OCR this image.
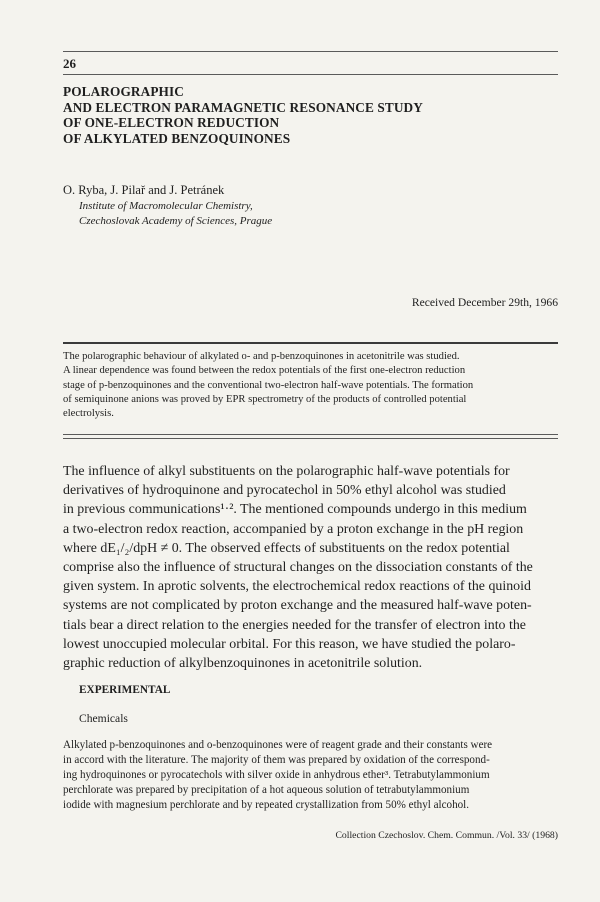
26
POLAROGRAPHIC
AND ELECTRON PARAMAGNETIC RESONANCE STUDY
OF ONE-ELECTRON REDUCTION
OF ALKYLATED BENZOQUINONES
O. Ryba, J. Pilař and J. Petránek
Institute of Macromolecular Chemistry,
Czechoslovak Academy of Sciences, Prague
Received December 29th, 1966
The polarographic behaviour of alkylated o- and p-benzoquinones in acetonitrile was studied.
A linear dependence was found between the redox potentials of the first one-electron reduction
stage of p-benzoquinones and the conventional two-electron half-wave potentials. The formation
of semiquinone anions was proved by EPR spectrometry of the products of controlled potential
electrolysis.
The influence of alkyl substituents on the polarographic half-wave potentials for
derivatives of hydroquinone and pyrocatechol in 50% ethyl alcohol was studied
in previous communications¹·². The mentioned compounds undergo in this medium
a two-electron redox reaction, accompanied by a proton exchange in the pH region
where dE₁/₂/dpH ≠ 0. The observed effects of substituents on the redox potential
comprise also the influence of structural changes on the dissociation constants of the
given system. In aprotic solvents, the electrochemical redox reactions of the quinoid
systems are not complicated by proton exchange and the measured half-wave poten-
tials bear a direct relation to the energies needed for the transfer of electron into the
lowest unoccupied molecular orbital. For this reason, we have studied the polaro-
graphic reduction of alkylbenzoquinones in acetonitrile solution.
EXPERIMENTAL
Chemicals
Alkylated p-benzoquinones and o-benzoquinones were of reagent grade and their constants were
in accord with the literature. The majority of them was prepared by oxidation of the correspond-
ing hydroquinones or pyrocatechols with silver oxide in anhydrous ether³. Tetrabutylammonium
perchlorate was prepared by precipitation of a hot aqueous solution of tetrabutylammonium
iodide with magnesium perchlorate and by repeated crystallization from 50% ethyl alcohol.
Collection Czechoslov. Chem. Commun. /Vol. 33/ (1968)
